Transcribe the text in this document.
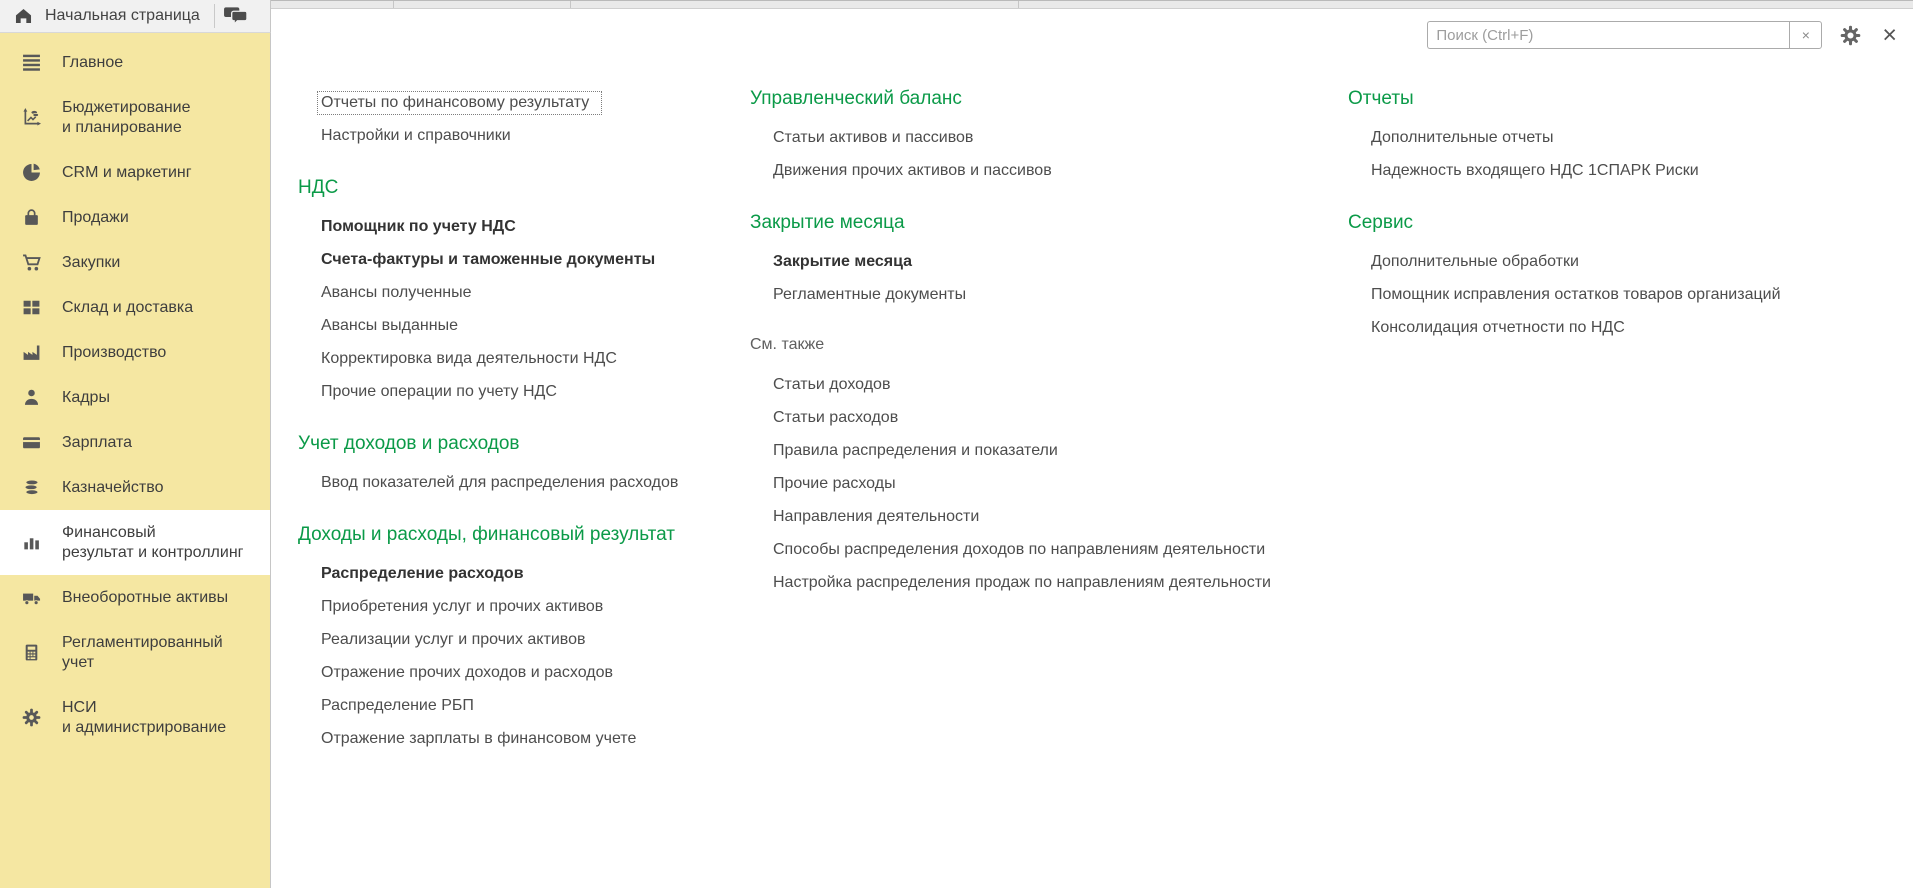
Начальная страница
Главное
Бюджетирование
и планирование
CRM и маркетинг
Продажи
Закупки
Склад и доставка
Производство
Кадры
Зарплата
Казначейство
Финансовый
результат и контроллинг
Внеоборотные активы
Регламентированный
учет
НСИ
и администрирование
Поиск (Ctrl+F)
×	×
Отчеты по финансовому результату
Настройки и справочники
НДС
Помощник по учету НДС
Счета-фактуры и таможенные документы
Авансы полученные
Авансы выданные
Корректировка вида деятельности НДС
Прочие операции по учету НДС
Учет доходов и расходов
Ввод показателей для распределения расходов
Доходы и расходы, финансовый результат
Распределение расходов
Приобретения услуг и прочих активов
Реализации услуг и прочих активов
Отражение прочих доходов и расходов
Распределение РБП
Отражение зарплаты в финансовом учете
Управленческий баланс
Статьи активов и пассивов
Движения прочих активов и пассивов
Закрытие месяца
Закрытие месяца
Регламентные документы
См. также
Статьи доходов
Статьи расходов
Правила распределения и показатели
Прочие расходы
Направления деятельности
Способы распределения доходов по направлениям деятельности
Настройка распределения продаж по направлениям деятельности
Отчеты
Дополнительные отчеты
Надежность входящего НДС 1СПАРК Риски
Сервис
Дополнительные обработки
Помощник исправления остатков товаров организаций
Консолидация отчетности по НДС
